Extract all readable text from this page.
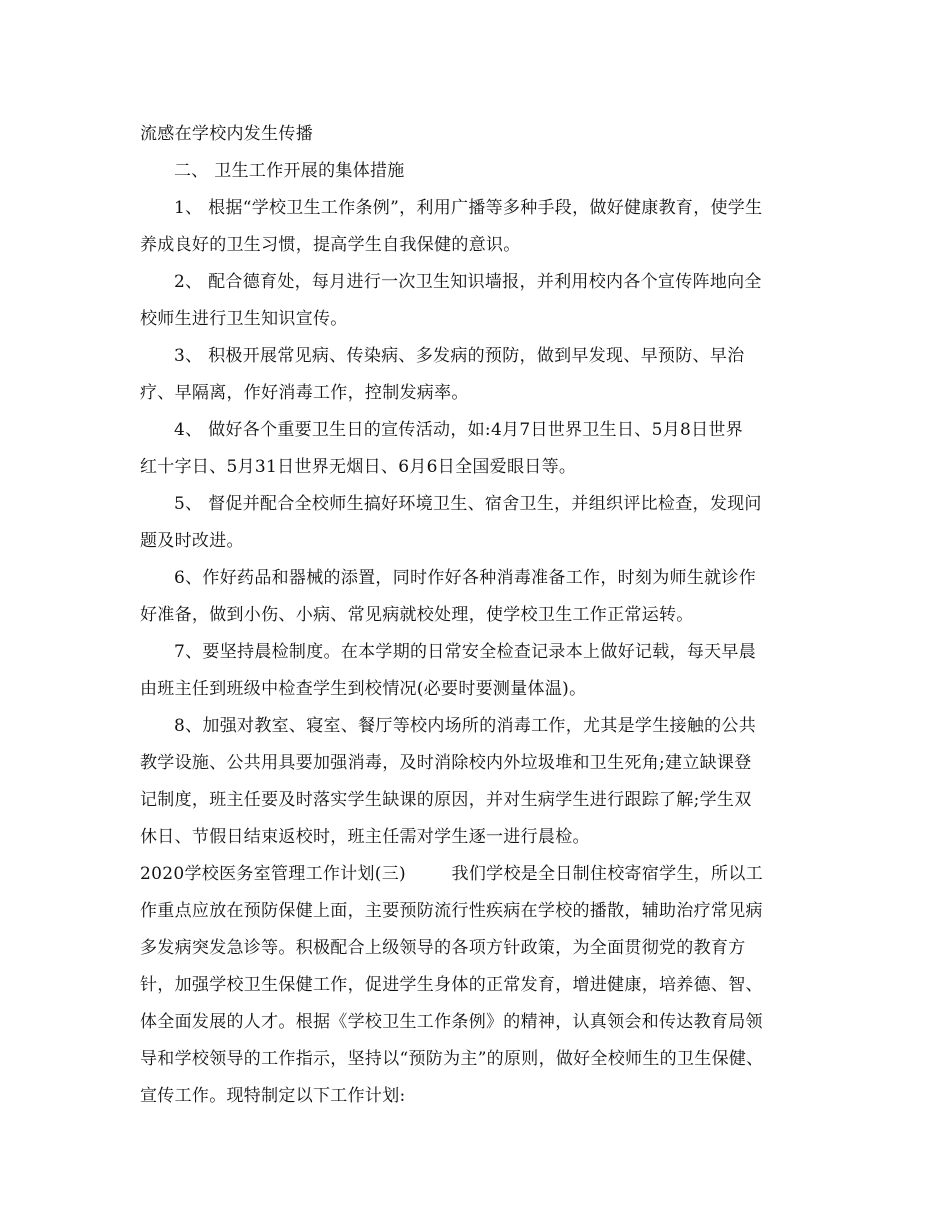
流感在学校内发生传播
二、 卫生工作开展的集体措施
1、 根据“学校卫生工作条例”，利用广播等多种手段，做好健康教育，使学生
养成良好的卫生习惯，提高学生自我保健的意识。
2、 配合德育处，每月进行一次卫生知识墙报，并利用校内各个宣传阵地向全
校师生进行卫生知识宣传。
3、 积极开展常见病、传染病、多发病的预防，做到早发现、早预防、早治
疗、早隔离，作好消毒工作，控制发病率。
4、 做好各个重要卫生日的宣传活动，如:4月7日世界卫生日、5月8日世界
红十字日、5月31日世界无烟日、6月6日全国爱眼日等。
5、 督促并配合全校师生搞好环境卫生、宿舍卫生，并组织评比检查，发现问
题及时改进。
6、作好药品和器械的添置，同时作好各种消毒准备工作，时刻为师生就诊作
好准备，做到小伤、小病、常见病就校处理，使学校卫生工作正常运转。
7、要坚持晨检制度。在本学期的日常安全检查记录本上做好记载，每天早晨
由班主任到班级中检查学生到校情况(必要时要测量体温)。
8、加强对教室、寝室、餐厅等校内场所的消毒工作，尤其是学生接触的公共
教学设施、公共用具要加强消毒，及时消除校内外垃圾堆和卫生死角;建立缺课登
记制度，班主任要及时落实学生缺课的原因，并对生病学生进行跟踪了解;学生双
休日、节假日结束返校时，班主任需对学生逐一进行晨检。
2020学校医务室管理工作计划(三)        我们学校是全日制住校寄宿学生，所以工
作重点应放在预防保健上面，主要预防流行性疾病在学校的播散，辅助治疗常见病
多发病突发急诊等。积极配合上级领导的各项方针政策，为全面贯彻党的教育方
针，加强学校卫生保健工作，促进学生身体的正常发育，增进健康，培养德、智、
体全面发展的人才。根据《学校卫生工作条例》的精神，认真领会和传达教育局领
导和学校领导的工作指示，坚持以“预防为主”的原则，做好全校师生的卫生保健、
宣传工作。现特制定以下工作计划:
